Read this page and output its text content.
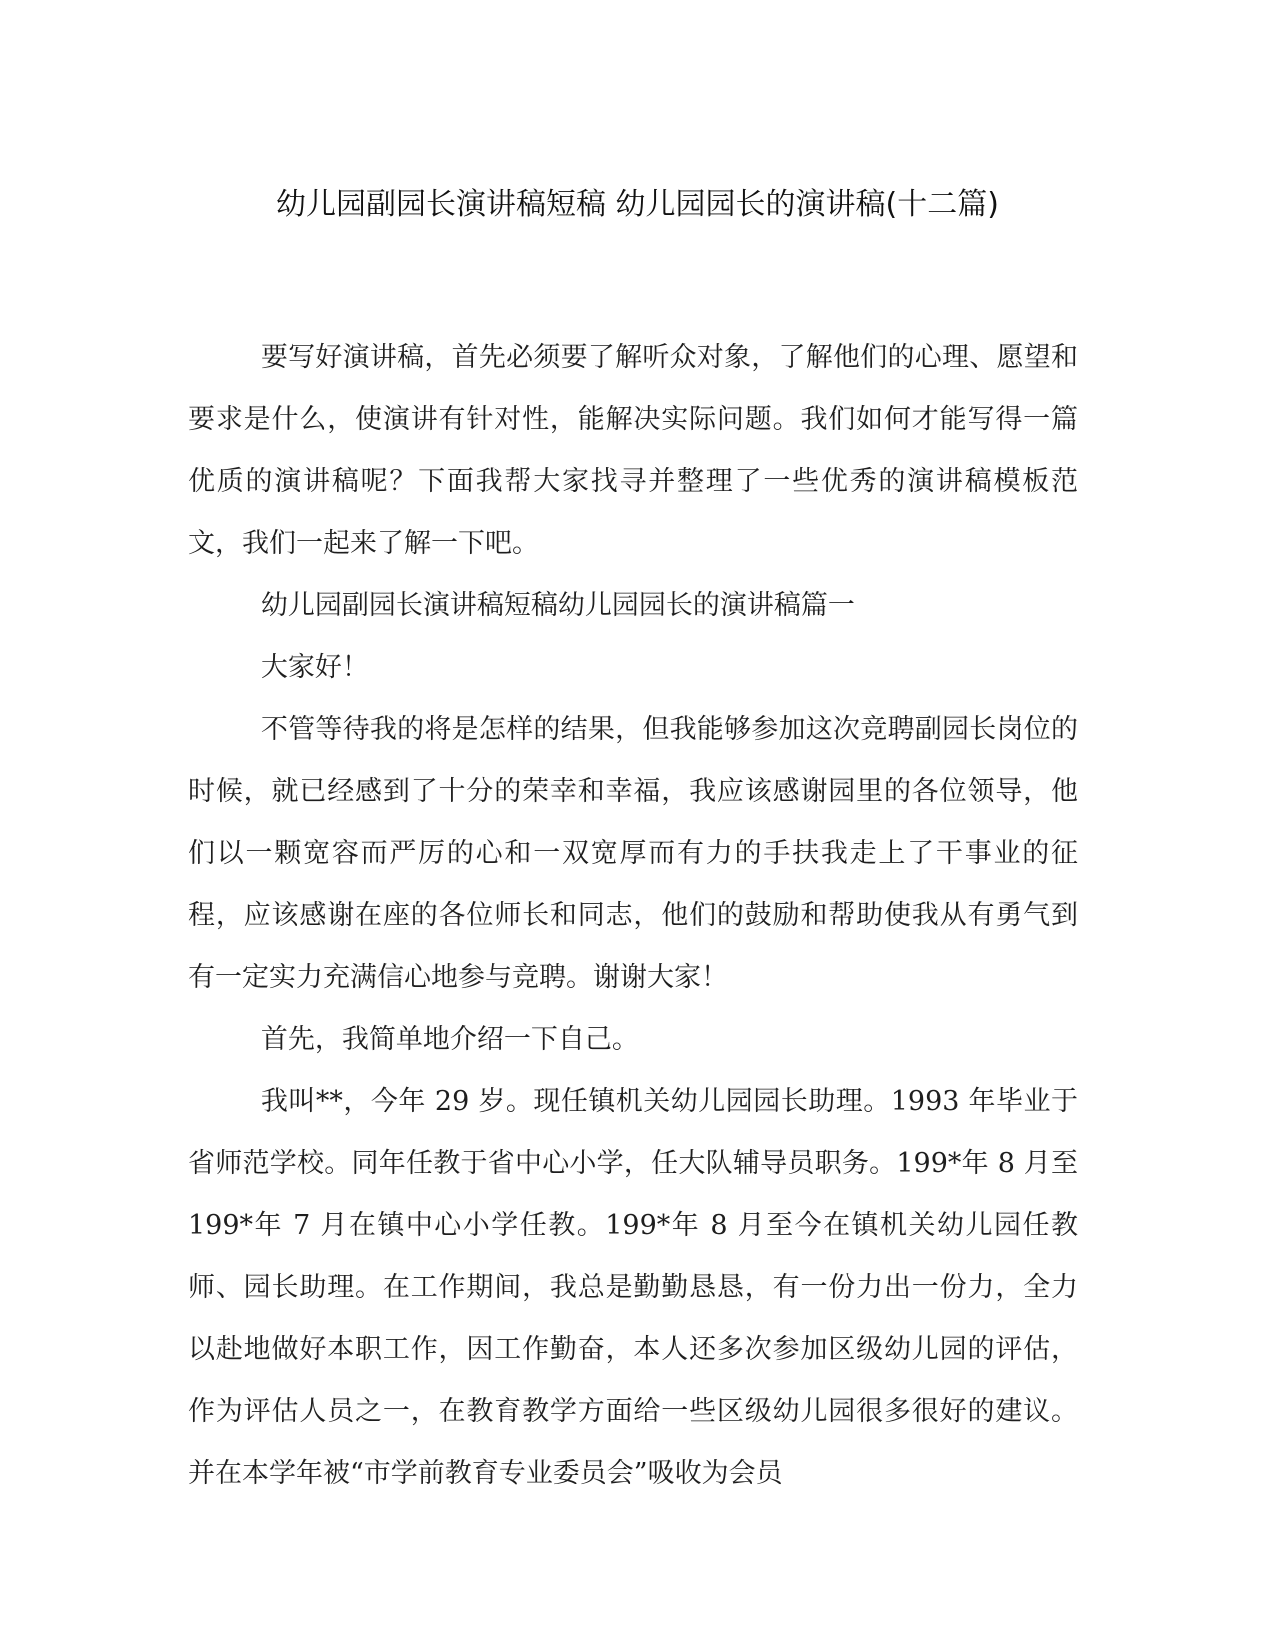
幼儿园副园长演讲稿短稿 幼儿园园长的演讲稿(十二篇)

要写好演讲稿，首先必须要了解听众对象，了解他们的心理、愿望和要求是什么，使演讲有针对性，能解决实际问题。我们如何才能写得一篇优质的演讲稿呢？下面我帮大家找寻并整理了一些优秀的演讲稿模板范文，我们一起来了解一下吧。

幼儿园副园长演讲稿短稿幼儿园园长的演讲稿篇一

大家好！

不管等待我的将是怎样的结果，但我能够参加这次竞聘副园长岗位的时候，就已经感到了十分的荣幸和幸福，我应该感谢园里的各位领导，他们以一颗宽容而严厉的心和一双宽厚而有力的手扶我走上了干事业的征程，应该感谢在座的各位师长和同志，他们的鼓励和帮助使我从有勇气到有一定实力充满信心地参与竞聘。谢谢大家！

首先，我简单地介绍一下自己。

我叫**，今年 29 岁。现任镇机关幼儿园园长助理。1993 年毕业于省师范学校。同年任教于省中心小学，任大队辅导员职务。199*年 8 月至 199*年 7 月在镇中心小学任教。199*年 8 月至今在镇机关幼儿园任教师、园长助理。在工作期间，我总是勤勤恳恳，有一份力出一份力，全力以赴地做好本职工作，因工作勤奋，本人还多次参加区级幼儿园的评估，作为评估人员之一，在教育教学方面给一些区级幼儿园很多很好的建议。并在本学年被“市学前教育专业委员会”吸收为会员
